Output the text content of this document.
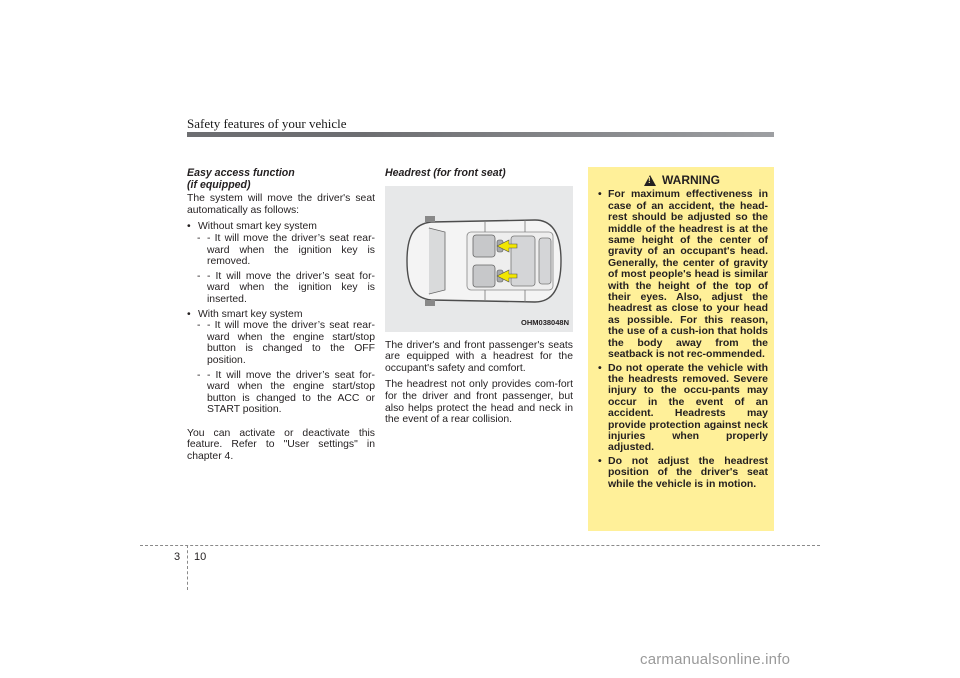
Safety features of your vehicle
Easy access function
(if equipped)

The system will move the driver's seat automatically as follows:

• Without smart key system

- - It will move the driver’s seat rear-ward when the ignition key is removed.

- - It will move the driver’s seat for-ward when the ignition key is inserted.

• With smart key system

- - It will move the driver’s seat rear-ward when the engine start/stop button is changed to the OFF position.

- - It will move the driver’s seat for-ward when the engine start/stop button is changed to the ACC or START position.

You can activate or deactivate this feature. Refer to "User settings" in chapter 4.

Headrest (for front seat)
OHM038048N

The driver's and front passenger's seats are equipped with a headrest for the occupant's safety and comfort.

The headrest not only provides com-fort for the driver and front passenger, but also helps protect the head and neck in the event of a rear collision.

!
WARNING

• For maximum effectiveness in case of an accident, the head-rest should be adjusted so the middle of the headrest is at the same height of the center of gravity of an occupant's head. Generally, the center of gravity of most people's head is similar with the height of the top of their eyes. Also, adjust the headrest as close to your head as possible. For this reason, the use of a cush-ion that holds the body away from the seatback is not rec-ommended.

• Do not operate the vehicle with the headrests removed. Severe injury to the occu-pants may occur in the event of an accident. Headrests may provide protection against neck injuries when properly adjusted.

• Do not adjust the headrest position of the driver's seat while the vehicle is in motion.

3 10
carmanualsonline.info
